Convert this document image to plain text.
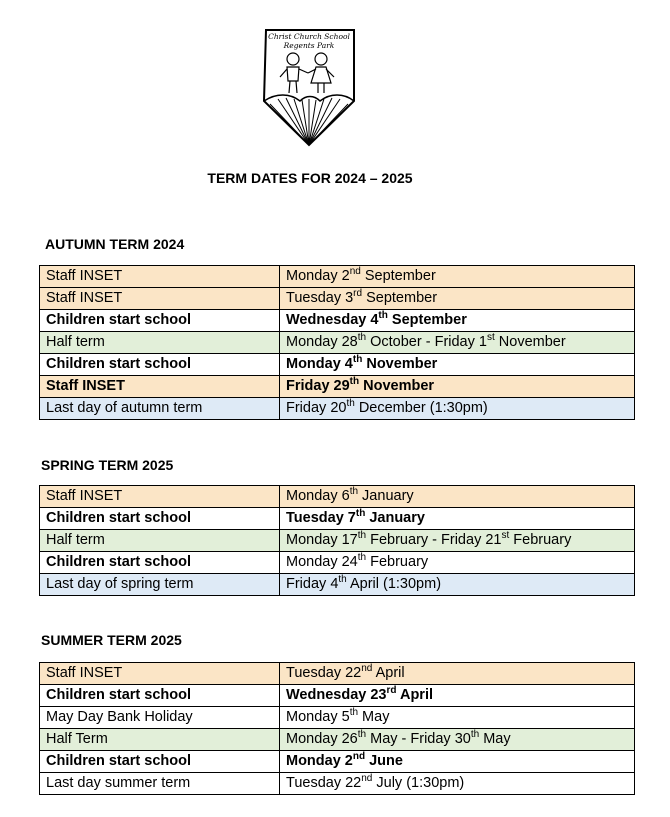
Christ Church School
Regents Park
TERM DATES FOR 2024 – 2025
AUTUMN TERM 2024
Staff INSET	Monday 2nd September
Staff INSET	Tuesday 3rd September
Children start school	Wednesday 4th September
Half term	Monday 28th October - Friday 1st November
Children start school	Monday 4th November
Staff INSET	Friday 29th November
Last day of autumn term	Friday 20th December (1:30pm)
SPRING TERM 2025
Staff INSET	Monday 6th January
Children start school	Tuesday 7th January
Half term	Monday 17th February - Friday 21st February
Children start school	Monday 24th February
Last day of spring term	Friday 4th April (1:30pm)
SUMMER TERM 2025
Staff INSET	Tuesday 22nd April
Children start school	Wednesday 23rd April
May Day Bank Holiday	Monday 5th May
Half Term	Monday 26th May - Friday 30th May
Children start school	Monday 2nd June
Last day summer term	Tuesday 22nd July (1:30pm)
